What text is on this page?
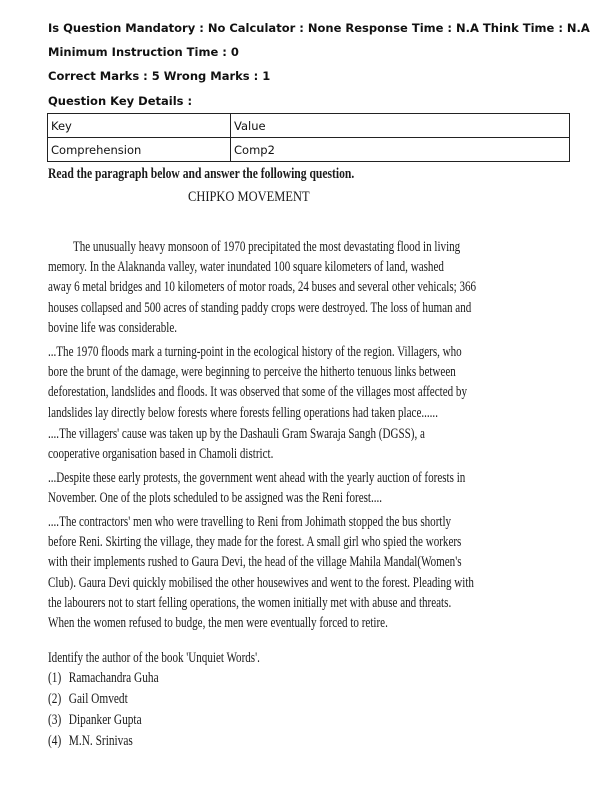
Is Question Mandatory : No Calculator : None Response Time : N.A Think Time : N.A
Minimum Instruction Time : 0
Correct Marks : 5 Wrong Marks : 1
Question Key Details :
Key	Value
Comprehension	Comp2
Read the paragraph below and answer the following question.
CHIPKO MOVEMENT
The unusually heavy monsoon of 1970 precipitated the most devastating flood in living
memory. In the Alaknanda valley, water inundated 100 square kilometers of land, washed
away 6 metal bridges and 10 kilometers of motor roads, 24 buses and several other vehicals; 366
houses collapsed and 500 acres of standing paddy crops were destroyed. The loss of human and
bovine life was considerable.
...The 1970 floods mark a turning-point in the ecological history of the region. Villagers, who
bore the brunt of the damage, were beginning to perceive the hitherto tenuous links between
deforestation, landslides and floods. It was observed that some of the villages most affected by
landslides lay directly below forests where forests felling operations had taken place......
....The villagers' cause was taken up by the Dashauli Gram Swaraja Sangh (DGSS), a
cooperative organisation based in Chamoli district.
...Despite these early protests, the government went ahead with the yearly auction of forests in
November. One of the plots scheduled to be assigned was the Reni forest....
....The contractors' men who were travelling to Reni from Johimath stopped the bus shortly
before Reni. Skirting the village, they made for the forest. A small girl who spied the workers
with their implements rushed to Gaura Devi, the head of the village Mahila Mandal(Women's
Club). Gaura Devi quickly mobilised the other housewives and went to the forest. Pleading with
the labourers not to start felling operations, the women initially met with abuse and threats.
When the women refused to budge, the men were eventually forced to retire.
Identify the author of the book 'Unquiet Words'.
(1) Ramachandra Guha
(2) Gail Omvedt
(3) Dipanker Gupta
(4) M.N. Srinivas
